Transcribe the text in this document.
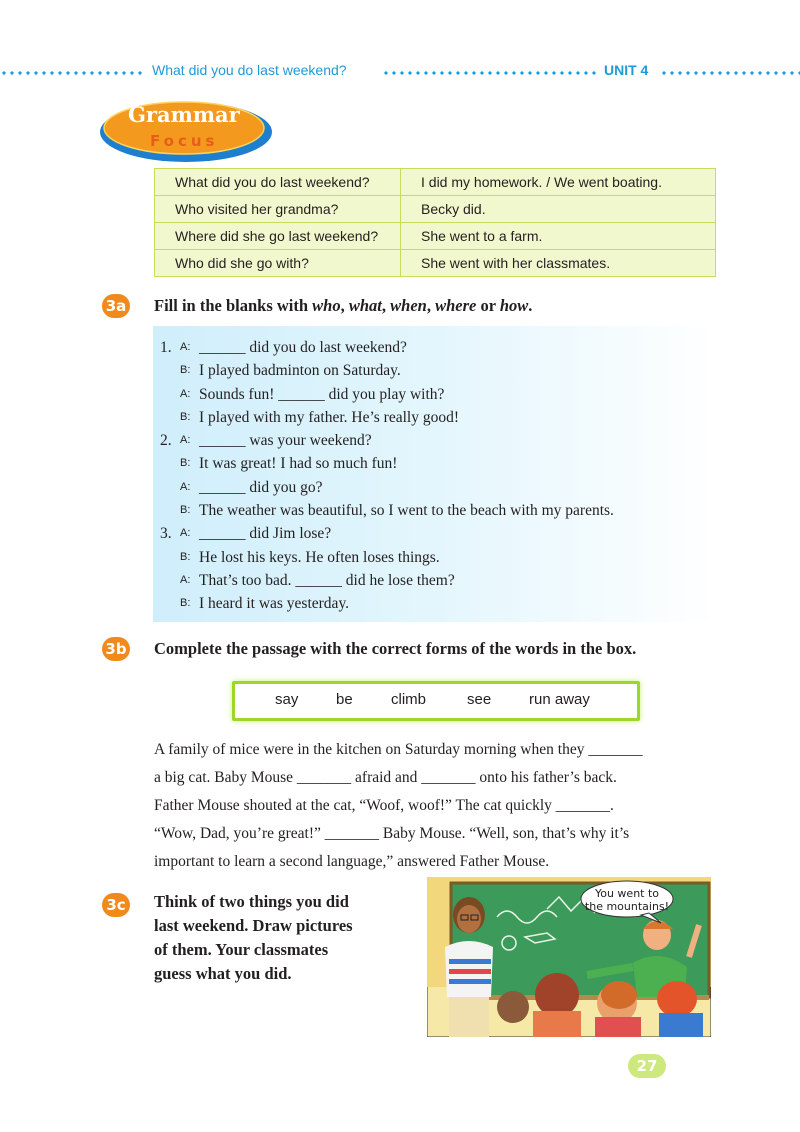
What did you do last weekend?	UNIT 4
Grammar
Focus
What did you do last weekend?	I did my homework. / We went boating.
Who visited her grandma?	Becky did.
Where did she go last weekend?	She went to a farm.
Who did she go with?	She went with her classmates.
3a Fill in the blanks with who, what, when, where or how.
1. A: ______ did you do last weekend?
B: I played badminton on Saturday.
A: Sounds fun! ______ did you play with?
B: I played with my father. He’s really good!
2. A: ______ was your weekend?
B: It was great! I had so much fun!
A: ______ did you go?
B: The weather was beautiful, so I went to the beach with my parents.
3. A: ______ did Jim lose?
B: He lost his keys. He often loses things.
A: That’s too bad. ______ did he lose them?
B: I heard it was yesterday.
3b Complete the passage with the correct forms of the words in the box.
say	be	climb	see	run away
A family of mice were in the kitchen on Saturday morning when they _______
a big cat. Baby Mouse _______ afraid and _______ onto his father’s back.
Father Mouse shouted at the cat, “Woof, woof!” The cat quickly _______.
“Wow, Dad, you’re great!” _______ Baby Mouse. “Well, son, that’s why it’s
important to learn a second language,” answered Father Mouse.
3c Think of two things you did
last weekend. Draw pictures
of them. Your classmates
guess what you did.
You went to
the mountains!
27
